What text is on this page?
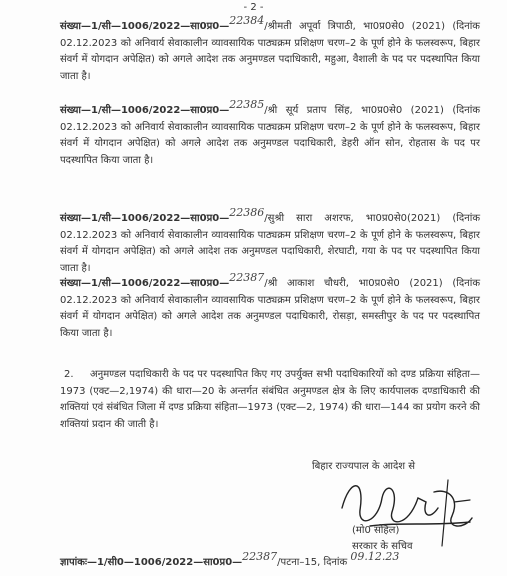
- 2 -
संख्या—1/सी—1006/2022—सा0प्र0—22384/श्रीमती अपूर्वा त्रिपाठी, भा0प्र0से0 (2021) (दिनांक 02.12.2023 को अनिवार्य सेवाकालीन व्यावसायिक पाठ्यक्रम प्रशिक्षण चरण–2 के पूर्ण होने के फलस्वरूप, बिहार संवर्ग में योगदान अपेक्षित) को अगले आदेश तक अनुमण्डल पदाधिकारी, महुआ, वैशाली के पद पर पदस्थापित किया जाता है।
संख्या—1/सी—1006/2022—सा0प्र0—22385/श्री सूर्य प्रताप सिंह, भा0प्र0से0 (2021) (दिनांक 02.12.2023 को अनिवार्य सेवाकालीन व्यावसायिक पाठ्यक्रम प्रशिक्षण चरण–2 के पूर्ण होने के फलस्वरूप, बिहार संवर्ग में योगदान अपेक्षित) को अगले आदेश तक अनुमण्डल पदाधिकारी, डेहरी ऑन सोन, रोहतास के पद पर पदस्थापित किया जाता है।
संख्या—1/सी—1006/2022—सा0प्र0—22386/सुश्री सारा अशरफ, भा0प्र0से0(2021) (दिनांक 02.12.2023 को अनिवार्य सेवाकालीन व्यावसायिक पाठ्यक्रम प्रशिक्षण चरण–2 के पूर्ण होने के फलस्वरूप, बिहार संवर्ग में योगदान अपेक्षित) को अगले आदेश तक अनुमण्डल पदाधिकारी, शेरघाटी, गया के पद पर पदस्थापित किया जाता है।
संख्या—1/सी—1006/2022—सा0प्र0—22387/श्री आकाश चौधरी, भा0प्र0से0 (2021) (दिनांक 02.12.2023 को अनिवार्य सेवाकालीन व्यावसायिक पाठ्यक्रम प्रशिक्षण चरण–2 के पूर्ण होने के फलस्वरूप, बिहार संवर्ग में योगदान अपेक्षित) को अगले आदेश तक अनुमण्डल पदाधिकारी, रोसड़ा, समस्तीपुर के पद पर पदस्थापित किया जाता है।
2. अनुमण्डल पदाधिकारी के पद पर पदस्थापित किए गए उपर्युक्त सभी पदाधिकारियों को दण्ड प्रक्रिया संहिता—1973 (एक्ट—2,1974) की धारा—20 के अन्तर्गत संबंधित अनुमण्डल क्षेत्र के लिए कार्यपालक दण्डाधिकारी की शक्तियां एवं संबंधित जिला में दण्ड प्रक्रिया संहिता—1973 (एक्ट—2, 1974) की धारा—144 का प्रयोग करने की शक्तियां प्रदान की जाती है।
बिहार राज्यपाल के आदेश से
(मो0 सोहैल)
सरकार के सचिव
ज्ञापांकः—1/सी0—1006/2022—सा0प्र0—22387/पटना–15, दिनांक 09.12.23
